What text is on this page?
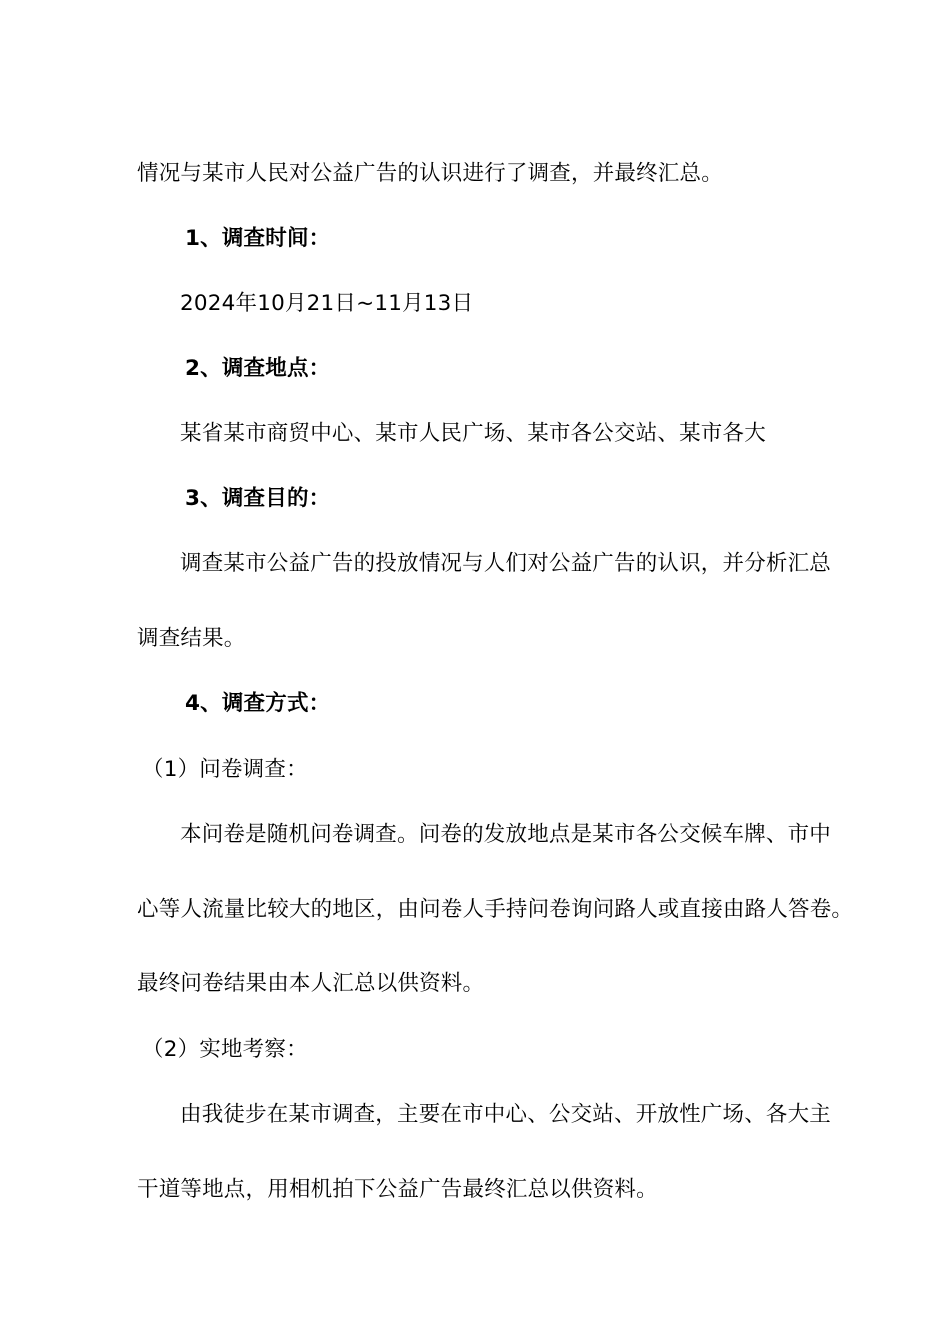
情况与某市人民对公益广告的认识进行了调查，并最终汇总。
1、调查时间：
2024年10月21日~11月13日
2、调查地点：
某省某市商贸中心、某市人民广场、某市各公交站、某市各大
3、调查目的：
调查某市公益广告的投放情况与人们对公益广告的认识，并分析汇总
调查结果。
4、调查方式：
（1）问卷调查：
本问卷是随机问卷调查。问卷的发放地点是某市各公交候车牌、市中
心等人流量比较大的地区，由问卷人手持问卷询问路人或直接由路人答卷。
最终问卷结果由本人汇总以供资料。
（2）实地考察：
由我徒步在某市调查，主要在市中心、公交站、开放性广场、各大主
干道等地点，用相机拍下公益广告最终汇总以供资料。
